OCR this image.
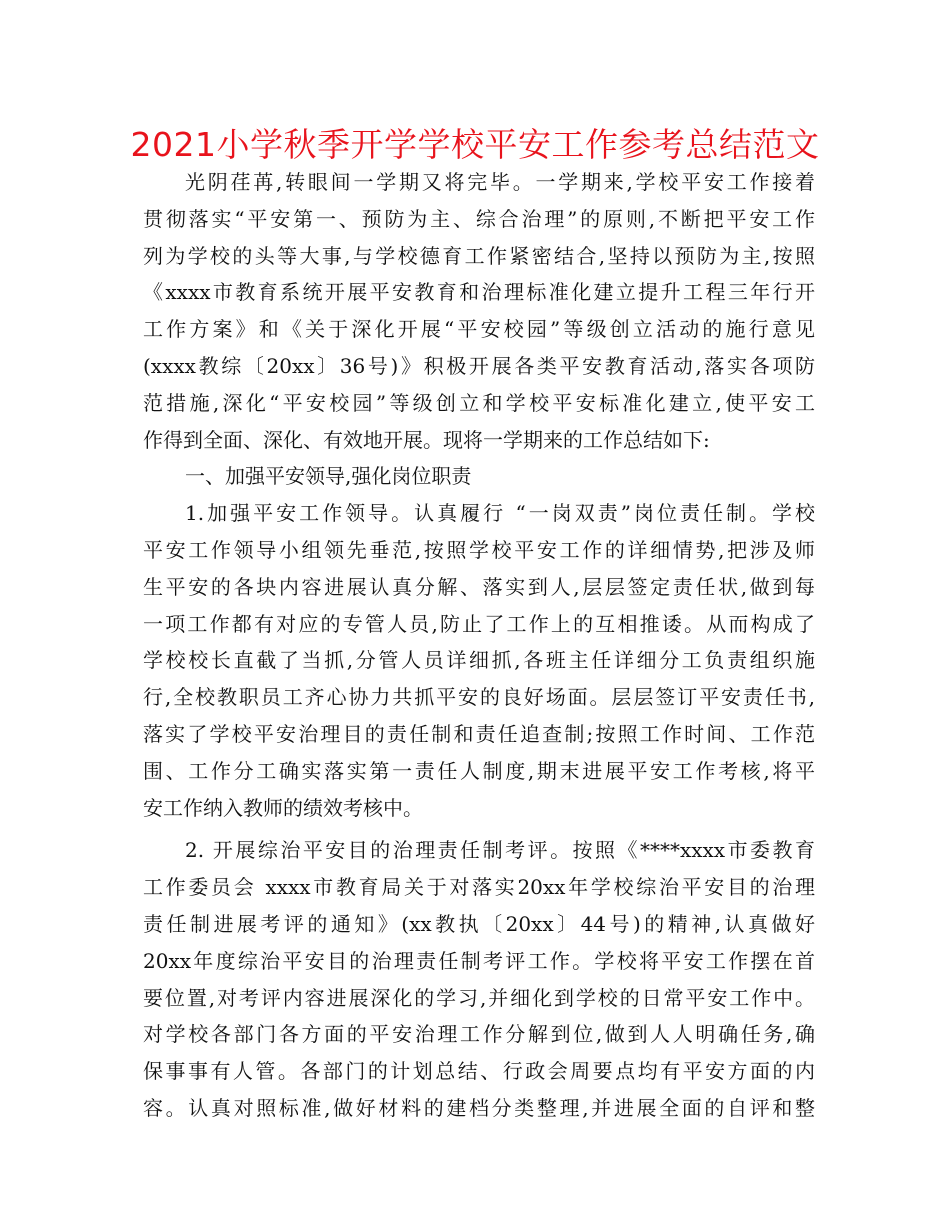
2021小学秋季开学学校平安工作参考总结范文

光阴荏苒,转眼间一学期又将完毕。一学期来,学校平安工作接着
贯彻落实“平安第一、预防为主、综合治理”的原则,不断把平安工作
列为学校的头等大事,与学校德育工作紧密结合,坚持以预防为主,按照
《xxxx市教育系统开展平安教育和治理标准化建立提升工程三年行开
工作方案》和《关于深化开展“平安校园”等级创立活动的施行意见
(xxxx教综〔20xx〕36号)》积极开展各类平安教育活动,落实各项防
范措施,深化“平安校园”等级创立和学校平安标准化建立,使平安工
作得到全面、深化、有效地开展。现将一学期来的工作总结如下:

一、加强平安领导,强化岗位职责

1.加强平安工作领导。认真履行 “一岗双责”岗位责任制。学校
平安工作领导小组领先垂范,按照学校平安工作的详细情势,把涉及师
生平安的各块内容进展认真分解、落实到人,层层签定责任状,做到每
一项工作都有对应的专管人员,防止了工作上的互相推诿。从而构成了
学校校长直截了当抓,分管人员详细抓,各班主任详细分工负责组织施
行,全校教职员工齐心协力共抓平安的良好场面。层层签订平安责任书,
落实了学校平安治理目的责任制和责任追查制;按照工作时间、工作范
围、工作分工确实落实第一责任人制度,期末进展平安工作考核,将平
安工作纳入教师的绩效考核中。

2. 开展综治平安目的治理责任制考评。按照《****xxxx市委教育
工作委员会 xxxx市教育局关于对落实20xx年学校综治平安目的治理
责任制进展考评的通知》(xx教执〔20xx〕44号)的精神,认真做好
20xx年度综治平安目的治理责任制考评工作。学校将平安工作摆在首
要位置,对考评内容进展深化的学习,并细化到学校的日常平安工作中。
对学校各部门各方面的平安治理工作分解到位,做到人人明确任务,确
保事事有人管。各部门的计划总结、行政会周要点均有平安方面的内
容。认真对照标准,做好材料的建档分类整理,并进展全面的自评和整
